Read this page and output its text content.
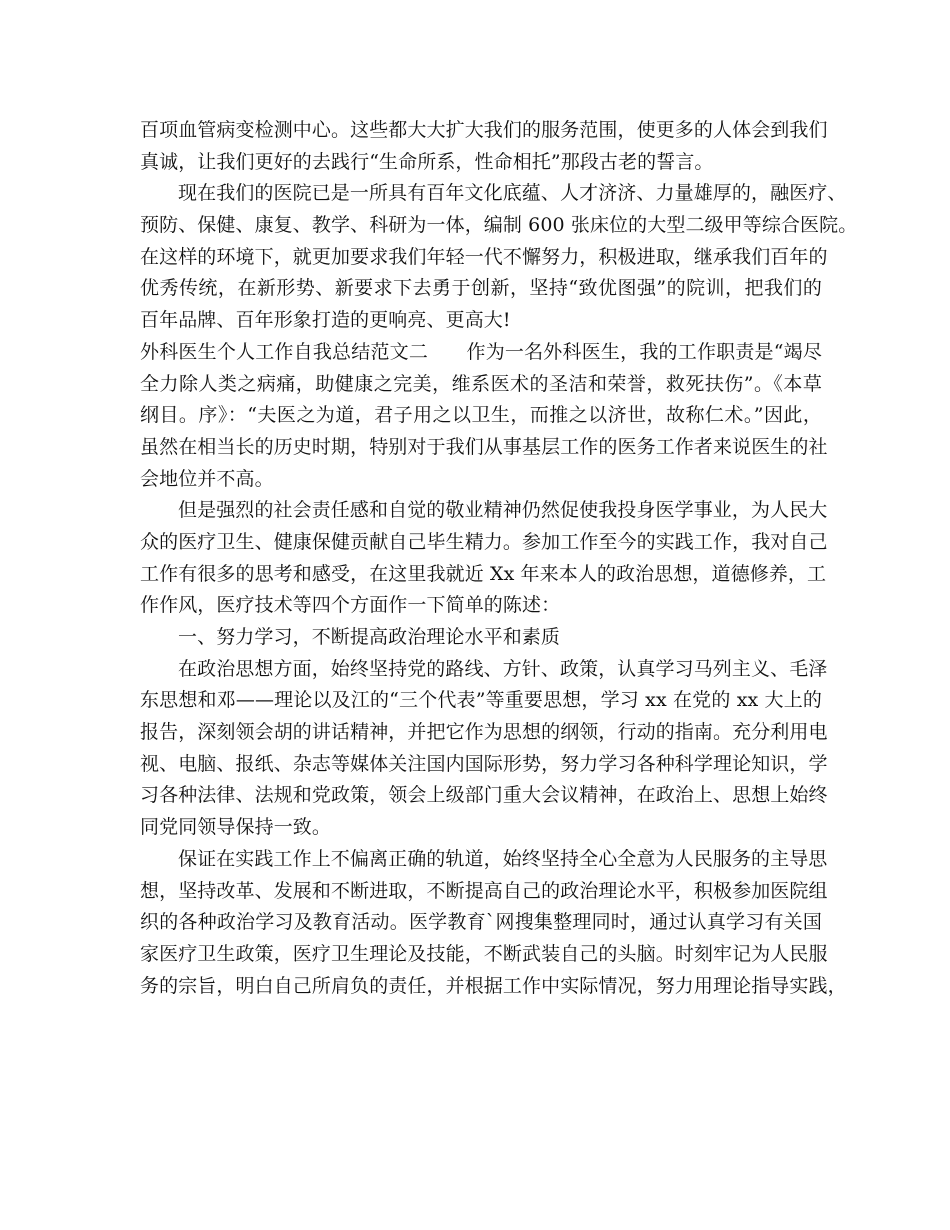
百项血管病变检测中心。这些都大大扩大我们的服务范围，使更多的人体会到我们
真诚，让我们更好的去践行“生命所系，性命相托”那段古老的誓言。
现在我们的医院已是一所具有百年文化底蕴、人才济济、力量雄厚的，融医疗、
预防、保健、康复、教学、科研为一体，编制 600 张床位的大型二级甲等综合医院。
在这样的环境下，就更加要求我们年轻一代不懈努力，积极进取，继承我们百年的
优秀传统，在新形势、新要求下去勇于创新，坚持“致优图强”的院训，把我们的
百年品牌、百年形象打造的更响亮、更高大!
外科医生个人工作自我总结范文二　　作为一名外科医生，我的工作职责是“竭尽
全力除人类之病痛，助健康之完美，维系医术的圣洁和荣誉，救死扶伤”。《本草
纲目。序》：“夫医之为道，君子用之以卫生，而推之以济世，故称仁术。”因此，
虽然在相当长的历史时期，特别对于我们从事基层工作的医务工作者来说医生的社
会地位并不高。
但是强烈的社会责任感和自觉的敬业精神仍然促使我投身医学事业，为人民大
众的医疗卫生、健康保健贡献自己毕生精力。参加工作至今的实践工作，我对自己
工作有很多的思考和感受，在这里我就近 Xx 年来本人的政治思想，道德修养，工
作作风，医疗技术等四个方面作一下简单的陈述：
一、努力学习，不断提高政治理论水平和素质
在政治思想方面，始终坚持党的路线、方针、政策，认真学习马列主义、毛泽
东思想和邓——理论以及江的“三个代表”等重要思想，学习 xx 在党的 xx 大上的
报告，深刻领会胡的讲话精神，并把它作为思想的纲领，行动的指南。充分利用电
视、电脑、报纸、杂志等媒体关注国内国际形势，努力学习各种科学理论知识，学
习各种法律、法规和党政策，领会上级部门重大会议精神，在政治上、思想上始终
同党同领导保持一致。
保证在实践工作上不偏离正确的轨道，始终坚持全心全意为人民服务的主导思
想，坚持改革、发展和不断进取，不断提高自己的政治理论水平，积极参加医院组
织的各种政治学习及教育活动。医学教育`网搜集整理同时，通过认真学习有关国
家医疗卫生政策，医疗卫生理论及技能，不断武装自己的头脑。时刻牢记为人民服
务的宗旨，明白自己所肩负的责任，并根据工作中实际情况，努力用理论指导实践，
